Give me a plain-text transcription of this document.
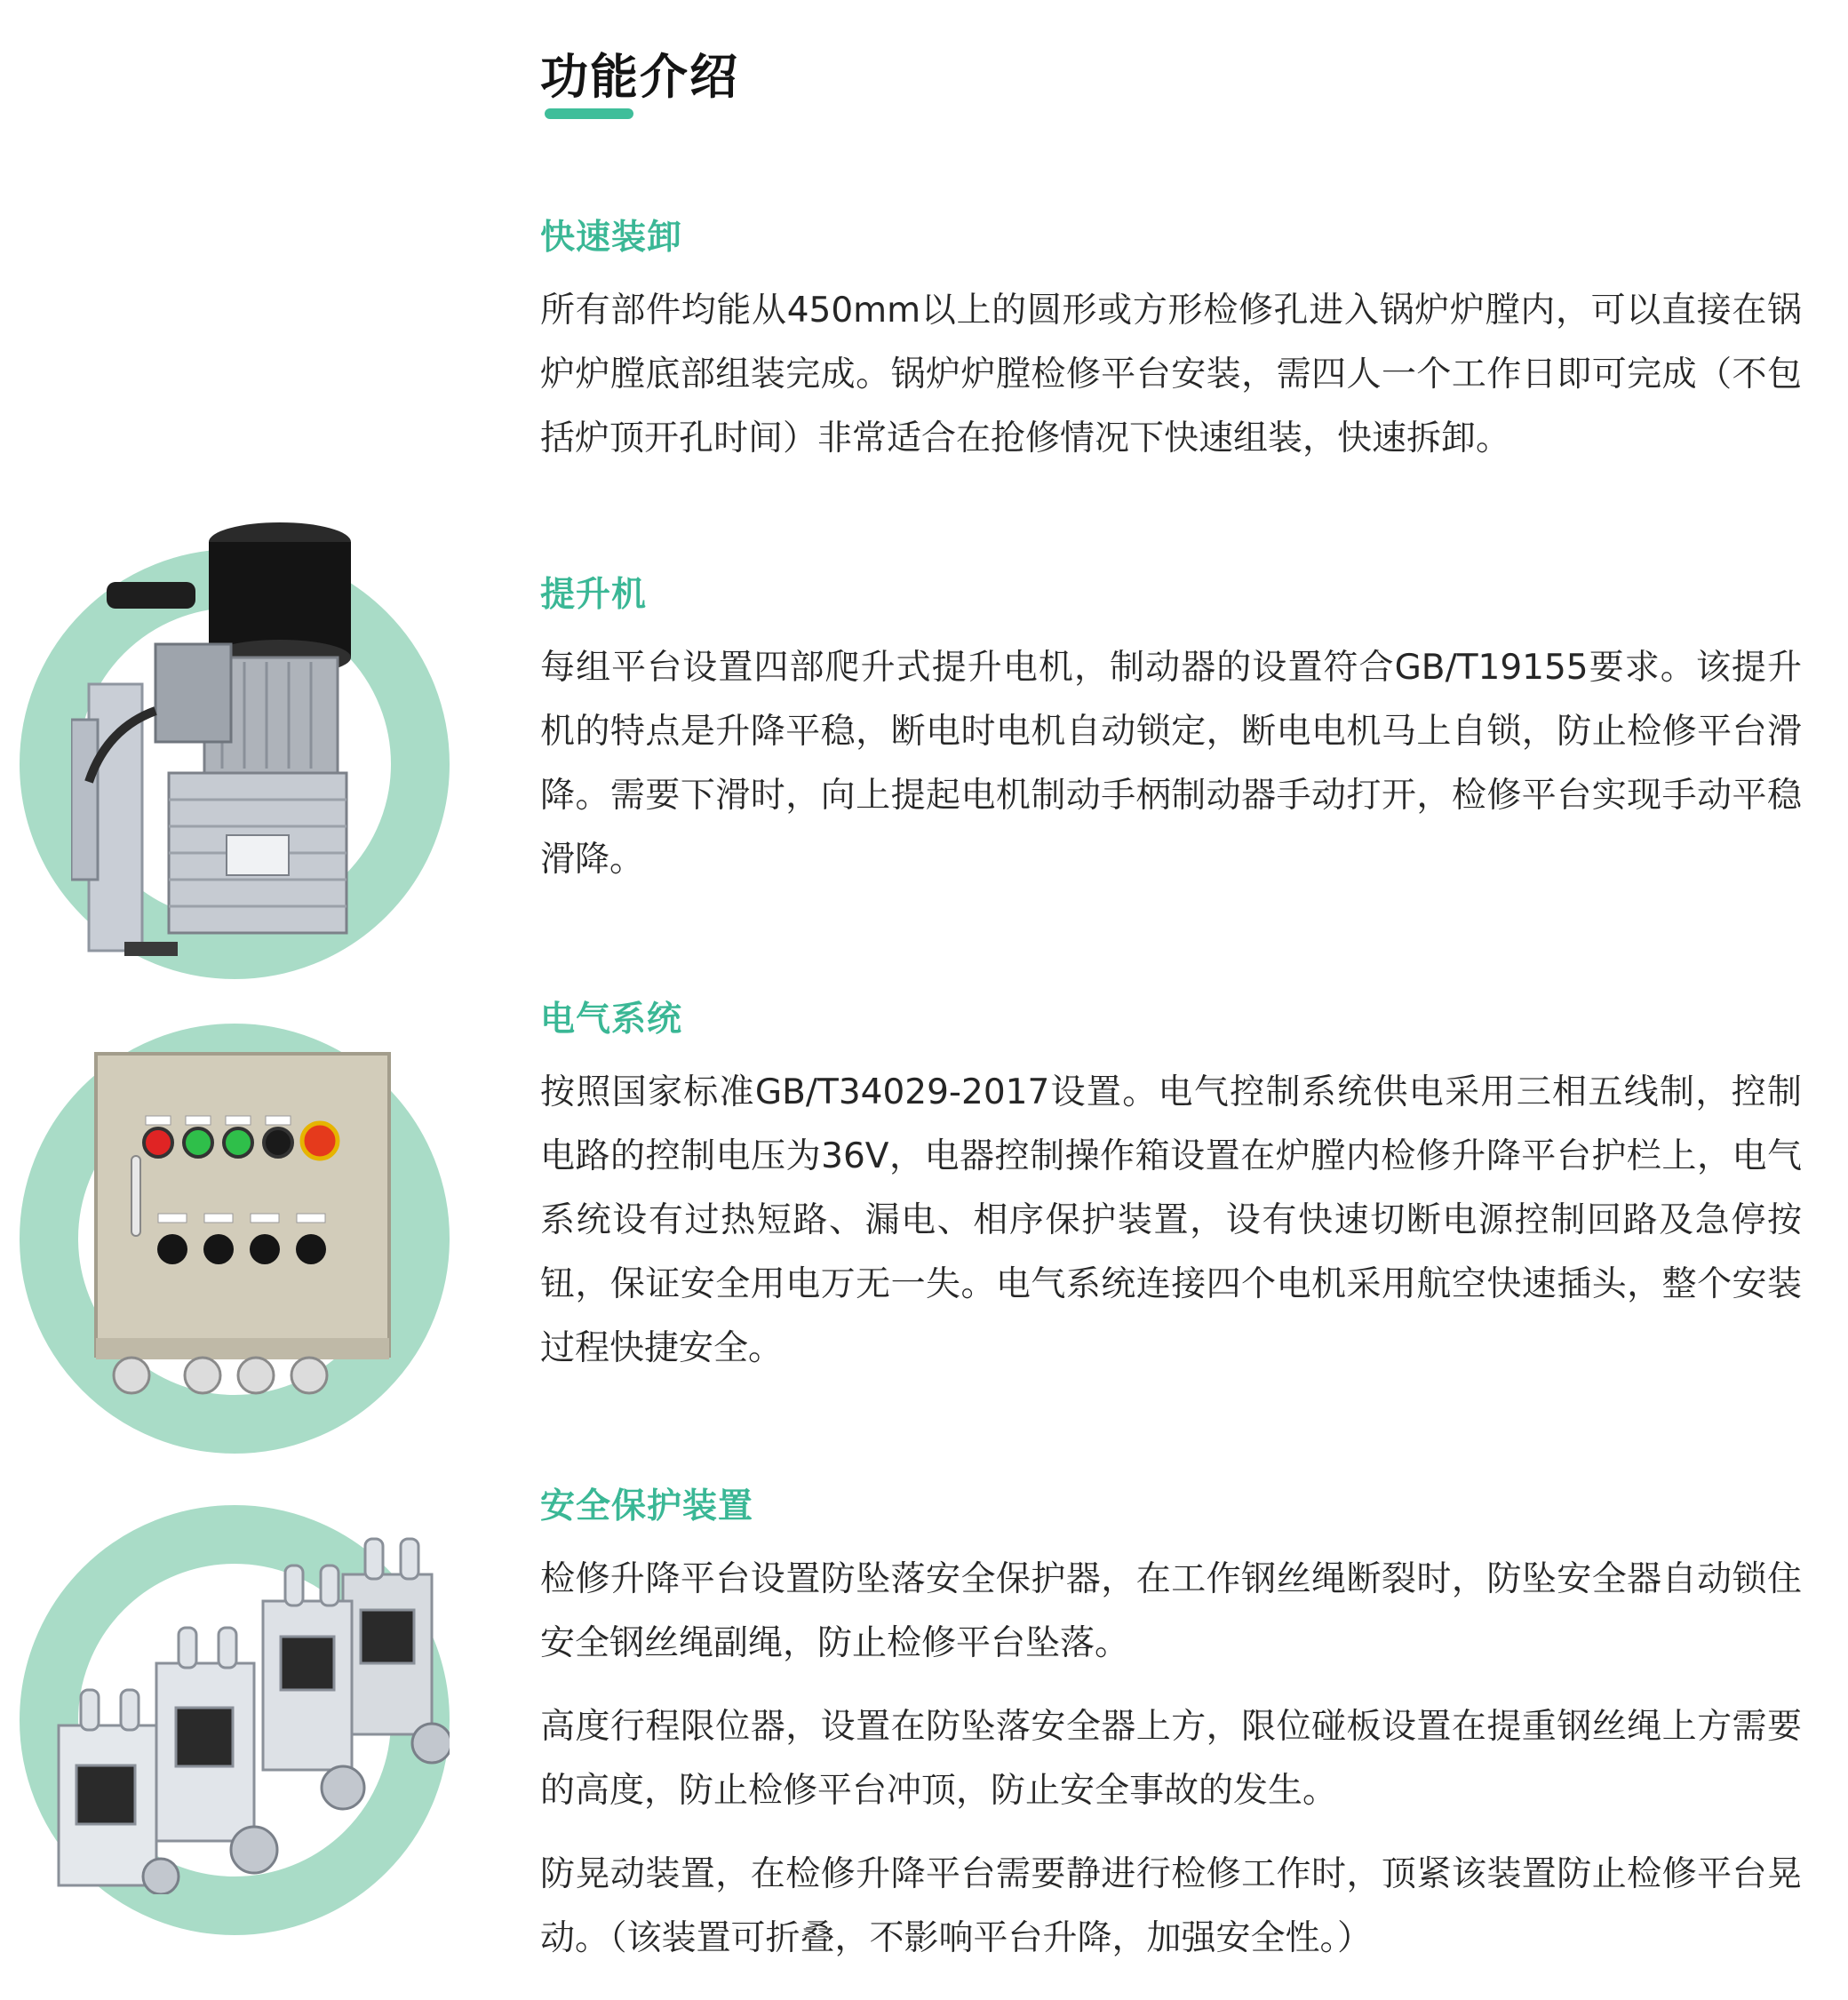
功能介绍
快速装卸

所有部件均能从450mm以上的圆形或方形检修孔进入锅炉炉膛内，可以直接在锅炉炉膛底部组装完成。锅炉炉膛检修平台安装，需四人一个工作日即可完成（不包括炉顶开孔时间）非常适合在抢修情况下快速组装，快速拆卸。

提升机

每组平台设置四部爬升式提升电机，制动器的设置符合GB/T19155要求。该提升机的特点是升降平稳，断电时电机自动锁定，断电电机马上自锁，防止检修平台滑降。需要下滑时，向上提起电机制动手柄制动器手动打开，检修平台实现手动平稳滑降。

电气系统

按照国家标准GB/T34029-2017设置。电气控制系统供电采用三相五线制，控制电路的控制电压为36V，电器控制操作箱设置在炉膛内检修升降平台护栏上，电气系统设有过热短路、漏电、相序保护装置，设有快速切断电源控制回路及急停按钮，保证安全用电万无一失。电气系统连接四个电机采用航空快速插头，整个安装过程快捷安全。

安全保护装置

检修升降平台设置防坠落安全保护器，在工作钢丝绳断裂时，防坠安全器自动锁住安全钢丝绳副绳，防止检修平台坠落。

高度行程限位器，设置在防坠落安全器上方，限位碰板设置在提重钢丝绳上方需要的高度，防止检修平台冲顶，防止安全事故的发生。

防晃动装置，在检修升降平台需要静进行检修工作时，顶紧该装置防止检修平台晃动。（该装置可折叠，不影响平台升降，加强安全性。）
